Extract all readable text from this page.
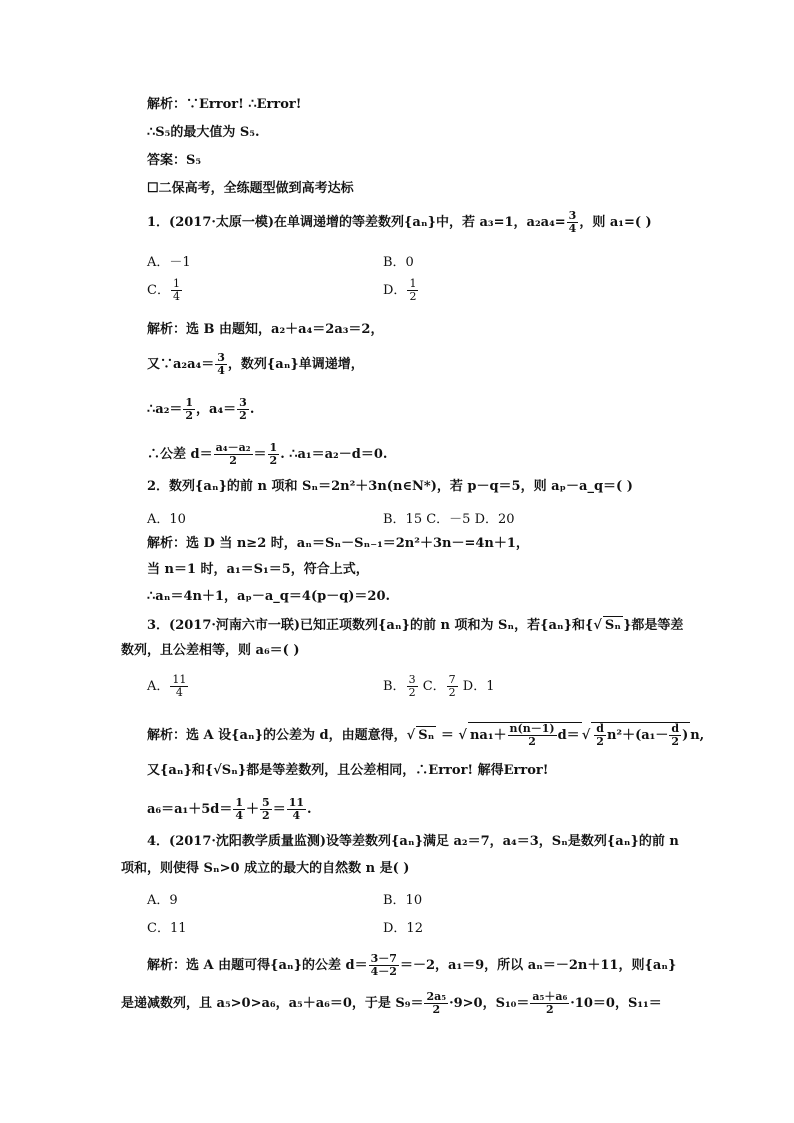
解析：∵Error! ∴Error!
∴S₅的最大值为 S₅.
答案：S₅
☐二保高考，全练题型做到高考达标
1．(2017·太原一模)在单调递增的等差数列{aₙ}中，若 a₃=1，$a_2a_4= \frac{3}{4}$ ，则 a₁=( )
A．－1	B．0
C． $\frac{1}{4}$	D． $\frac{1}{2}$
解析：选 B 由题知，a₂＋a₄＝2a₃＝2，
又∵a₂a₄＝ $\frac{3}{4}$ ，数列{aₙ}单调递增，
∴a₂＝ $\frac{1}{2}$ ，$a_4= \frac{3}{2}$ .
∴公差 $d= \frac{\text{a₄－a₂}}{2} = \frac{1}{2}$ . ∴a₁＝a₂－d＝0.
2．数列{aₙ}的前 n 项和 Sₙ＝2n²＋3n(n∈N*)，若 p－q＝5，则 aₚ－a_q＝( )
A．10	B．15 C．－5 D．20
解析：选 D 当 n≥2 时，aₙ＝Sₙ－Sₙ₋₁＝2n²＋3n－=4n＋1，
当 n＝1 时，a₁＝S₁＝5，符合上式，
∴aₙ＝4n＋1，aₚ－a_q＝4(p－q)＝20.
3．(2017·河南六市一联)已知正项数列{aₙ}的前 n 项和为 Sₙ，若{aₙ}和{√ Sₙ }都是等差
数列，且公差相等，则 a₆＝( )
A． $\frac{11}{4}$	B． $\frac{3}{2}$ C． $\frac{7}{2}$ D．1
解析：选 A 设{aₙ}的公差为 d，由题意得，√ Sₙ ＝ √ $na_1+ \frac{n(n-1)}{2} d=$ √ $\frac{d}{2} n^2+(a_1- \frac{d}{2}$ ) n,
又{aₙ}和{√Sₙ}都是等差数列，且公差相同，∴Error! 解得Error!
$a_6=a_1+5d= \frac{1}{4} + \frac{5}{2} = \frac{11}{4}$ .
4．(2017·沈阳教学质量监测)设等差数列{aₙ}满足 a₂＝7，a₄＝3，Sₙ是数列{aₙ}的前 n
项和，则使得 Sₙ>0 成立的最大的自然数 n 是( )
A．9	B．10
C．11	D．12
解析：选 A 由题可得{aₙ}的公差 $d= \frac{3-7}{4-2} =-2$，a₁＝9，所以 aₙ＝－2n＋11，则{aₙ}
是递减数列，且 a₅>0>a₆，a₅＋a₆＝0，于是 $S_9= \frac{\text{2a₅}}{2} \cdot 9>0$，$S_{10}= \frac{\text{a₅＋a₆}}{2} \cdot 10=0$，S₁₁＝
